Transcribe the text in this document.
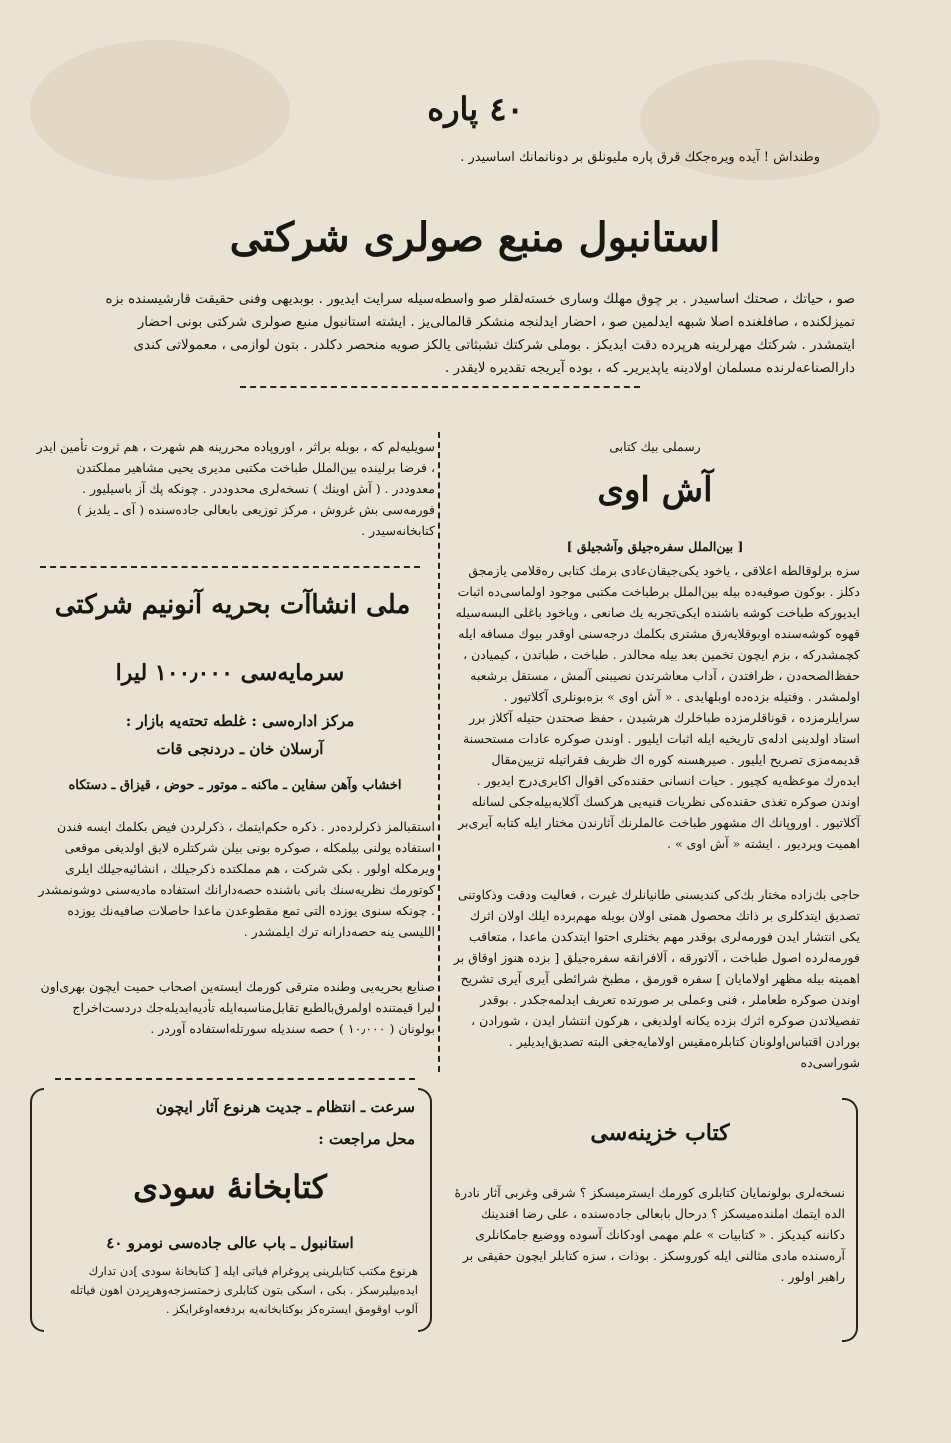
٤٠ پاره
وطنداش ! آيده ويره‌جكك قرق پاره ملیونلق بر دونانمانك اساسیدر .
استانبول منبع صولری شركتی
صو ، حیاتك ، صحتك اساسیدر . بر چوق مهلك وساری خسته‌لقلر صو واسطه‌سيله سرايت ايديور . بوبديهی وفنی حقيقت قارشیسنده بزه تميزلكنده ، صافلغنده اصلا شبهه ايدلمين صو ، احضار ايدلنجه منشكر قالمالی‌يز . ايشته استانبول منبع صولری شركتی بونی احضار ايتمشدر . شركتك مهرلرينه هرپرده دقت ايديكز . بوملی شركتك تشبثاتی يالكز صويه منحصر دكلدر . بتون لوازمی ، معمولاتی كندی دارالصناعه‌لرنده مسلمان اولادينه ياپديريرـ كه ، بوده آيريجه تقديره لايقدر .
رسملی بيك كتابی
آش اوی
[ بين‌الملل سفره‌جيلق وآشجيلق ]
سزه برلوقالطه اعلاقی ، ياخود يكی‌جيقان‌عادی برمك كتابی ره‌قلامی يازمجق دكلز . بوكون صوفيه‌ده بيله بين‌الملل برطباخت مكتبی موجود اولماسی‌ده اثبات ايديوركه طباخت كوشه باشنده ايكی‌تجربه يك صانعی ، وياخود باغلی البسه‌سيله قهوه كوشه‌سنده اوبوقلايه‌رق مشتری بكلمك درجه‌سنی اوقدر بيوك مسافه ايله كچمشدركه ، بزم ايچون تخمين بعد بيله محالدر . طباخت ، طباتدن ، كيميادن ، حفظ‌الصحه‌دن ، ظرافتدن ، آداب معاشرتدن نصيبنی آلمش ، مستقل برشعبه اولمشدر . وفتيله بزده‌ده اوبلهايدی . « آش اوی » بزه‌بونلری آكلاتيور . سرايلرمزده ، قوناقلرمزده طباخلرك هرشيدن ، حفظ صحتدن حتيله آكلاز برر استاد اولدينی ادله‌ی تاريخيه ايله اثبات ايليور . اوندن صوكره عادات مستحسنة قديمه‌مزی تصريح ايليور . صيرهسنه كوره اك ظريف فقراتيله تزيين‌مقال ايده‌رك موعظه‌يه كچيور . حيات انسانی حقنده‌كی اقوال اكابری‌درج ايديور . اوندن صوكره تغذی حقنده‌كی نظريات فنيه‌يی هركسك آكلايه‌بيله‌جكی لسانله آكلاتيور . اوروپانك اك مشهور طباخت عالملرنك آثارندن مختار ايله كتابه آيری‌بر اهميت ويرديور . ايشته « آش اوی » .
حاجی بك‌زاده مختار بك‌كی كنديسنی طانيانلرك غيرت ، فعاليت ودقت وذكاوتنی تصديق ايتدكلری بر ذاتك محصول همتی اولان بويله مهم‌بر‌ده ايلك اولان اثرك يكی انتشار ايدن فورمه‌لری بوقدر مهم بختلری احتوا ايتدكدن ماعدا ، متعاقب فورمه‌لرده اصول طباخت ، آلاتورقه ، آلافرانقه سفره‌جيلق [ بزده هنوز اوقاق بر اهميته بيله مظهر اولامايان ] سفره قورمق ، مطبخ شرائطی آيری آيری تشريح اوندن صوكره طعاملر ، فنی وعملی بر صورتده تعريف ايدلمه‌جكدر . بوقدر تفصيلاتدن صوكره اثرك بزده يكانه اولديغی ، هركون انتشار ايدن ، شورادن ، بورادن اقتباس‌اولونان كتابلره‌مقيس اولامايه‌جغی البته تصديق‌ايديلير . شوراسی‌ده
سويليه‌لم كه ، بوبله براثر ، اوروپاده محررينه هم شهرت ، هم ثروت تأمين ايدر ، فرضا برلينده بين‌الملل طباخت مكتبی مديری يحيی مشاهير مملكتدن معدوددر . ( آش اوينك ) نسخه‌لری محدوددر . چونكه پك آز باسيليور . فورمه‌سی بش غروش ، مركز توزيعی بابعالی جاده‌سنده ( آی ـ يلديز ) كتابخانه‌سيدر .
ملی انشاآت بحريه آنونيم شركتی
سرمايه‌سی ۱۰۰٫۰۰۰ ليرا
مركز اداره‌سی : غلطه تحته‌يه بازار :
آرسلان خان ـ دردنجی قات
اخشاب وآهن سفاين ـ ماكنه ـ موتور ـ حوض ، قيزاق ـ دستكاه
استقبالمز ذكرلرده‌در . ذكره حكم‌ايتمك ، ذكرلردن فيض بكلمك ايسه فندن استفاده يولنی بيلمكله ، صوكره بونی بيلن شركتلره لايق اولديغی موقعی ويرمكله اولور . بكی شركت ، هم مملكتده ذكرجيلك ، انشائيه‌جيلك ايلری كوتورمك نظريه‌سنك بانی باشنده حصه‌دارانك استفاده ماديه‌سنی دوشونمشدر . چونكه سنوی يوزده التی تمع مقطوعدن ماعدا حاصلات صافيه‌نك يوزده اللیسی ينه حصه‌دارانه ترك ايلمشدر .
صنايع بحريه‌يی وطنده مترقی كورمك ايسته‌ين اصحاب حميت ايچون بهری‌اون ليرا قيمتنده اولمرق‌بالطبع تقابل‌مناسبه‌ايله تأديه‌ايديله‌جك دردست‌اخراج بولونان ( ۱۰٫۰۰۰ ) حصه سنديله سورتله‌استفاده آوردر .
سرعت ـ انتظام ـ جديت هرنوع آثار ايچون
محل مراجعت :
كتابخانهٔ سودی
استانبول ـ باب عالی جاده‌سی نومرو ٤٠
هرنوع مكتب كتابلرينی پروغرام فياتی ايله [ كتابخانهٔ سودی ]دن تدارك ايده‌بيليرسكز . بكی ، اسكی بتون كتابلری زحمتسزجه‌وهرپردن اهون فياتله آلوب اوقومق ايستره‌كز بوكتابخانه‌يه بردفعه‌اوغرايكز .
كتاب خزينه‌سی
نسخه‌لری بولونمايان كتابلری كورمك ايسترميسكز ؟ شرقی وغربی آثار نادرهٔ الده ايتمك املنده‌ميسكز ؟ درحال بابعالی جاده‌سنده ، علی رضا افندينك دكاننه كيديكز . « كتابيات » علم مهمی اودكانك آسوده ووضيع جامكانلری آره‌سنده مادی مثالنی ايله كوروسكز . بوذات ، سزه كتابلر ايچون حقيقی بر راهبر اولور .
